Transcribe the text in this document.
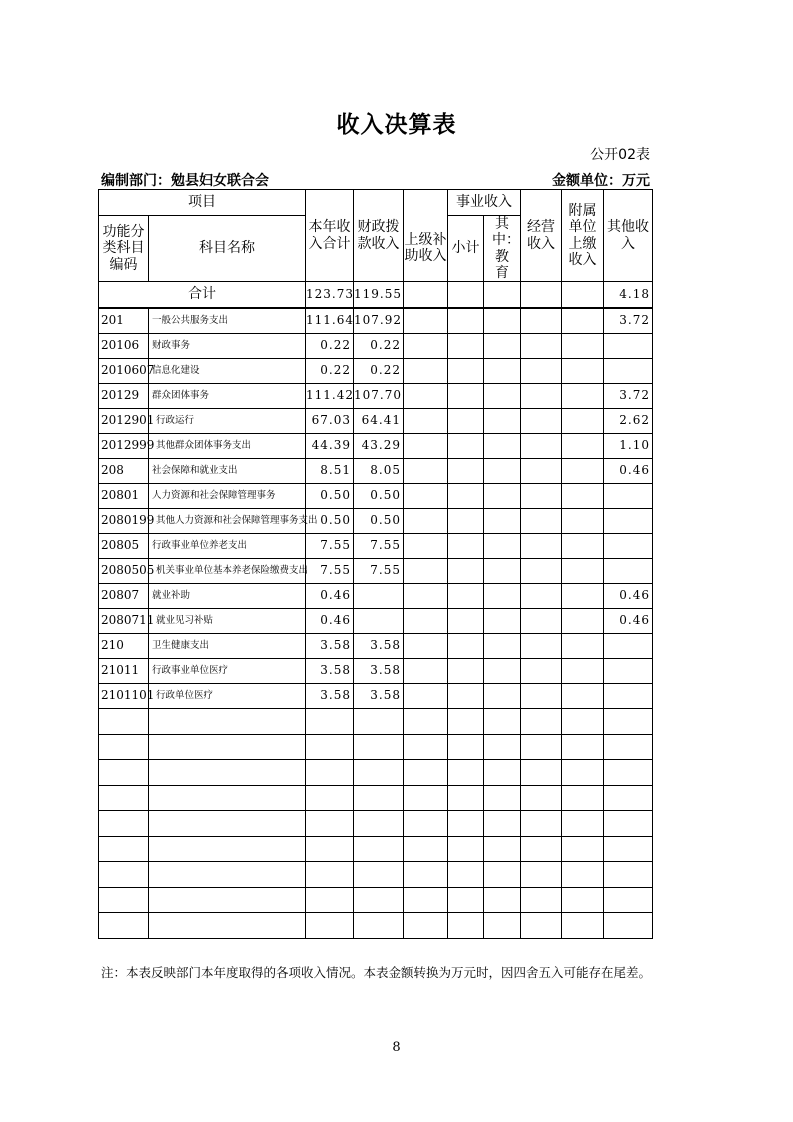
收入决算表
公开02表
编制部门：勉县妇女联合会	金额单位：万元
项目		本年收入合计	财政拨款收入	上级补助收入	事业收入		经营收入	附属单位上缴收入	其他收入
功能分类科目编码	科目名称				小计	其中：教育			

合计		123.73	119.55						4.18
201	一般公共服务支出	111.64	107.92						3.72
20106	财政事务	0.22	0.22						
2010607	信息化建设	0.22	0.22						
20129	群众团体事务	111.42	107.70						3.72
2012901	行政运行	67.03	64.41						2.62
2012999	其他群众团体事务支出	44.39	43.29						1.10
208	社会保障和就业支出	8.51	8.05						0.46
20801	人力资源和社会保障管理事务	0.50	0.50						
2080199	其他人力资源和社会保障管理事务支出	0.50	0.50						
20805	行政事业单位养老支出	7.55	7.55						
2080505	机关事业单位基本养老保险缴费支出	7.55	7.55						
20807	就业补助	0.46							0.46
2080711	就业见习补贴	0.46							0.46
210	卫生健康支出	3.58	3.58						
21011	行政事业单位医疗	3.58	3.58						
2101101	行政单位医疗	3.58	3.58						

注：本表反映部门本年度取得的各项收入情况。本表金额转换为万元时，因四舍五入可能存在尾差。
8
